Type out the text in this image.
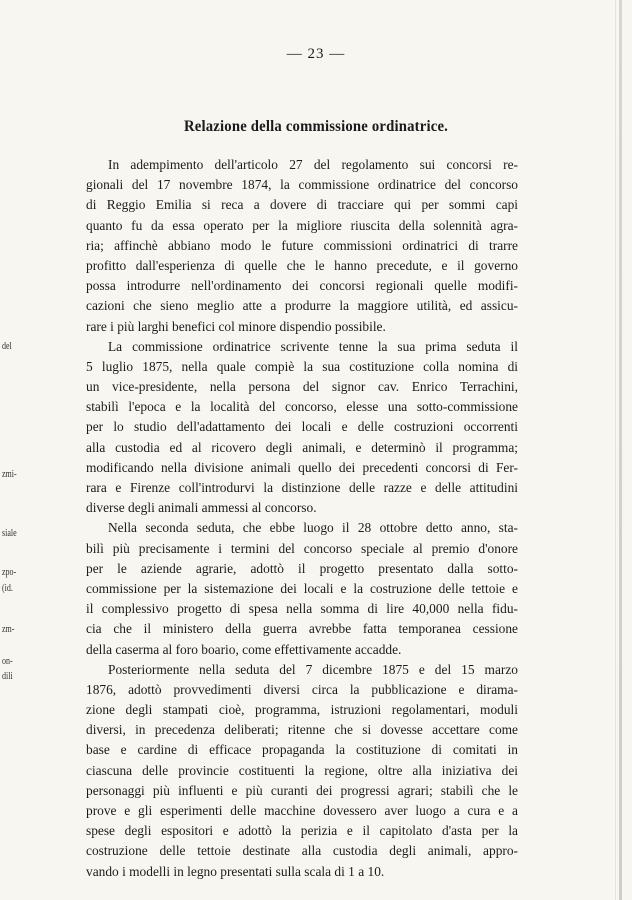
del
zmi-
siale
zpo-
(id.
zm-
on-
dili
— 23 —
Relazione della commissione ordinatrice.
In adempimento dell'articolo 27 del regolamento sui concorsi re-
gionali del 17 novembre 1874, la commissione ordinatrice del concorso
di Reggio Emilia si reca a dovere di tracciare qui per sommi capi
quanto fu da essa operato per la migliore riuscita della solennità agra-
ria; affinchè abbiano modo le future commissioni ordinatrici di trarre
profitto dall'esperienza di quelle che le hanno precedute, e il governo
possa introdurre nell'ordinamento dei concorsi regionali quelle modifi-
cazioni che sieno meglio atte a produrre la maggiore utilità, ed assicu-
rare i più larghi benefici col minore dispendio possibile.
La commissione ordinatrice scrivente tenne la sua prima seduta il
5 luglio 1875, nella quale compiè la sua costituzione colla nomina di
un vice-presidente, nella persona del signor cav. Enrico Terrachini,
stabilì l'epoca e la località del concorso, elesse una sotto-commissione
per lo studio dell'adattamento dei locali e delle costruzioni occorrenti
alla custodia ed al ricovero degli animali, e determinò il programma;
modificando nella divisione animali quello dei precedenti concorsi di Fer-
rara e Firenze coll'introdurvi la distinzione delle razze e delle attitudini
diverse degli animali ammessi al concorso.
Nella seconda seduta, che ebbe luogo il 28 ottobre detto anno, sta-
bilì più precisamente i termini del concorso speciale al premio d'onore
per le aziende agrarie, adottò il progetto presentato dalla sotto-
commissione per la sistemazione dei locali e la costruzione delle tettoie e
il complessivo progetto di spesa nella somma di lire 40,000 nella fidu-
cia che il ministero della guerra avrebbe fatta temporanea cessione
della caserma al foro boario, come effettivamente accadde.
Posteriormente nella seduta del 7 dicembre 1875 e del 15 marzo
1876, adottò provvedimenti diversi circa la pubblicazione e dirama-
zione degli stampati cioè, programma, istruzioni regolamentari, moduli
diversi, in precedenza deliberati; ritenne che si dovesse accettare come
base e cardine di efficace propaganda la costituzione di comitati in
ciascuna delle provincie costituenti la regione, oltre alla iniziativa dei
personaggi più influenti e più curanti dei progressi agrari; stabilì che le
prove e gli esperimenti delle macchine dovessero aver luogo a cura e a
spese degli espositori e adottò la perizia e il capitolato d'asta per la
costruzione delle tettoie destinate alla custodia degli animali, appro-
vando i modelli in legno presentati sulla scala di 1 a 10.
